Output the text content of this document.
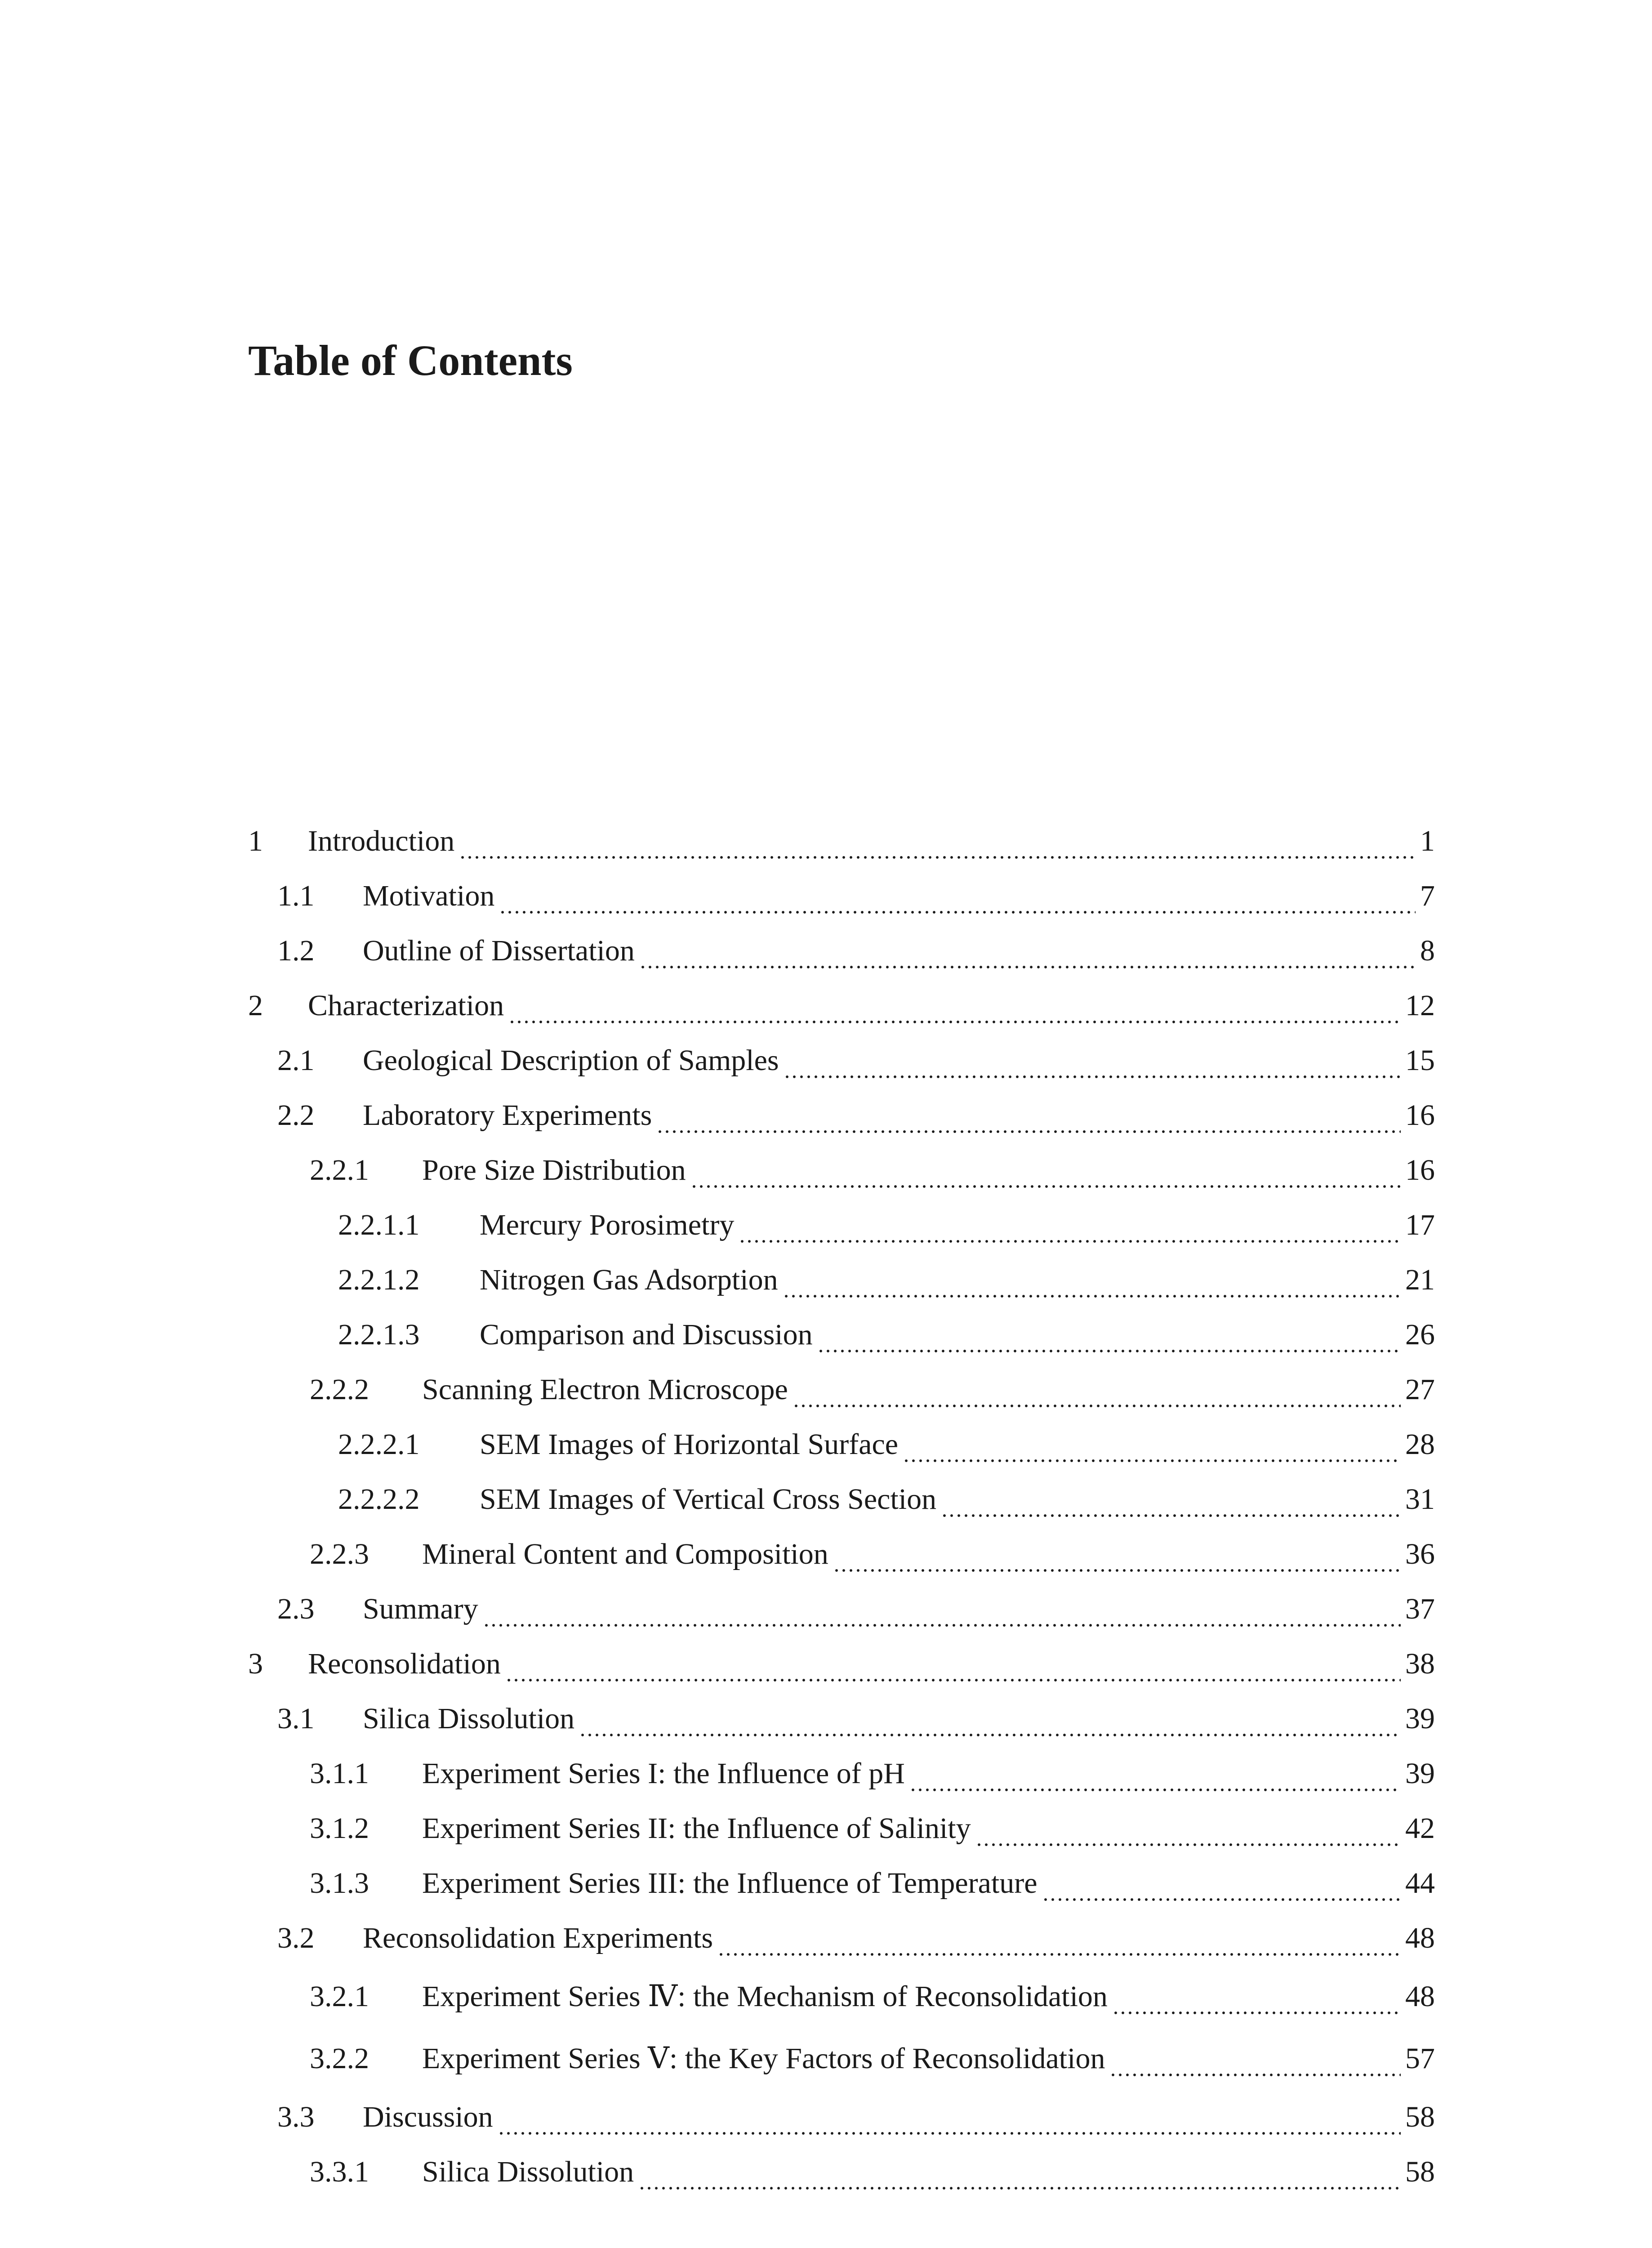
Table of Contents
1	Introduction	1
1.1	Motivation	7
1.2	Outline of Dissertation	8
2	Characterization	12
2.1	Geological Description of Samples	15
2.2	Laboratory Experiments	16
2.2.1	Pore Size Distribution	16
2.2.1.1	Mercury Porosimetry	17
2.2.1.2	Nitrogen Gas Adsorption	21
2.2.1.3	Comparison and Discussion	26
2.2.2	Scanning Electron Microscope	27
2.2.2.1	SEM Images of Horizontal Surface	28
2.2.2.2	SEM Images of Vertical Cross Section	31
2.2.3	Mineral Content and Composition	36
2.3	Summary	37
3	Reconsolidation	38
3.1	Silica Dissolution	39
3.1.1	Experiment Series I: the Influence of pH	39
3.1.2	Experiment Series II: the Influence of Salinity	42
3.1.3	Experiment Series III: the Influence of Temperature	44
3.2	Reconsolidation Experiments	48
3.2.1	Experiment Series Ⅳ: the Mechanism of Reconsolidation	48
3.2.2	Experiment Series Ⅴ: the Key Factors of Reconsolidation	57
3.3	Discussion	58
3.3.1	Silica Dissolution	58
